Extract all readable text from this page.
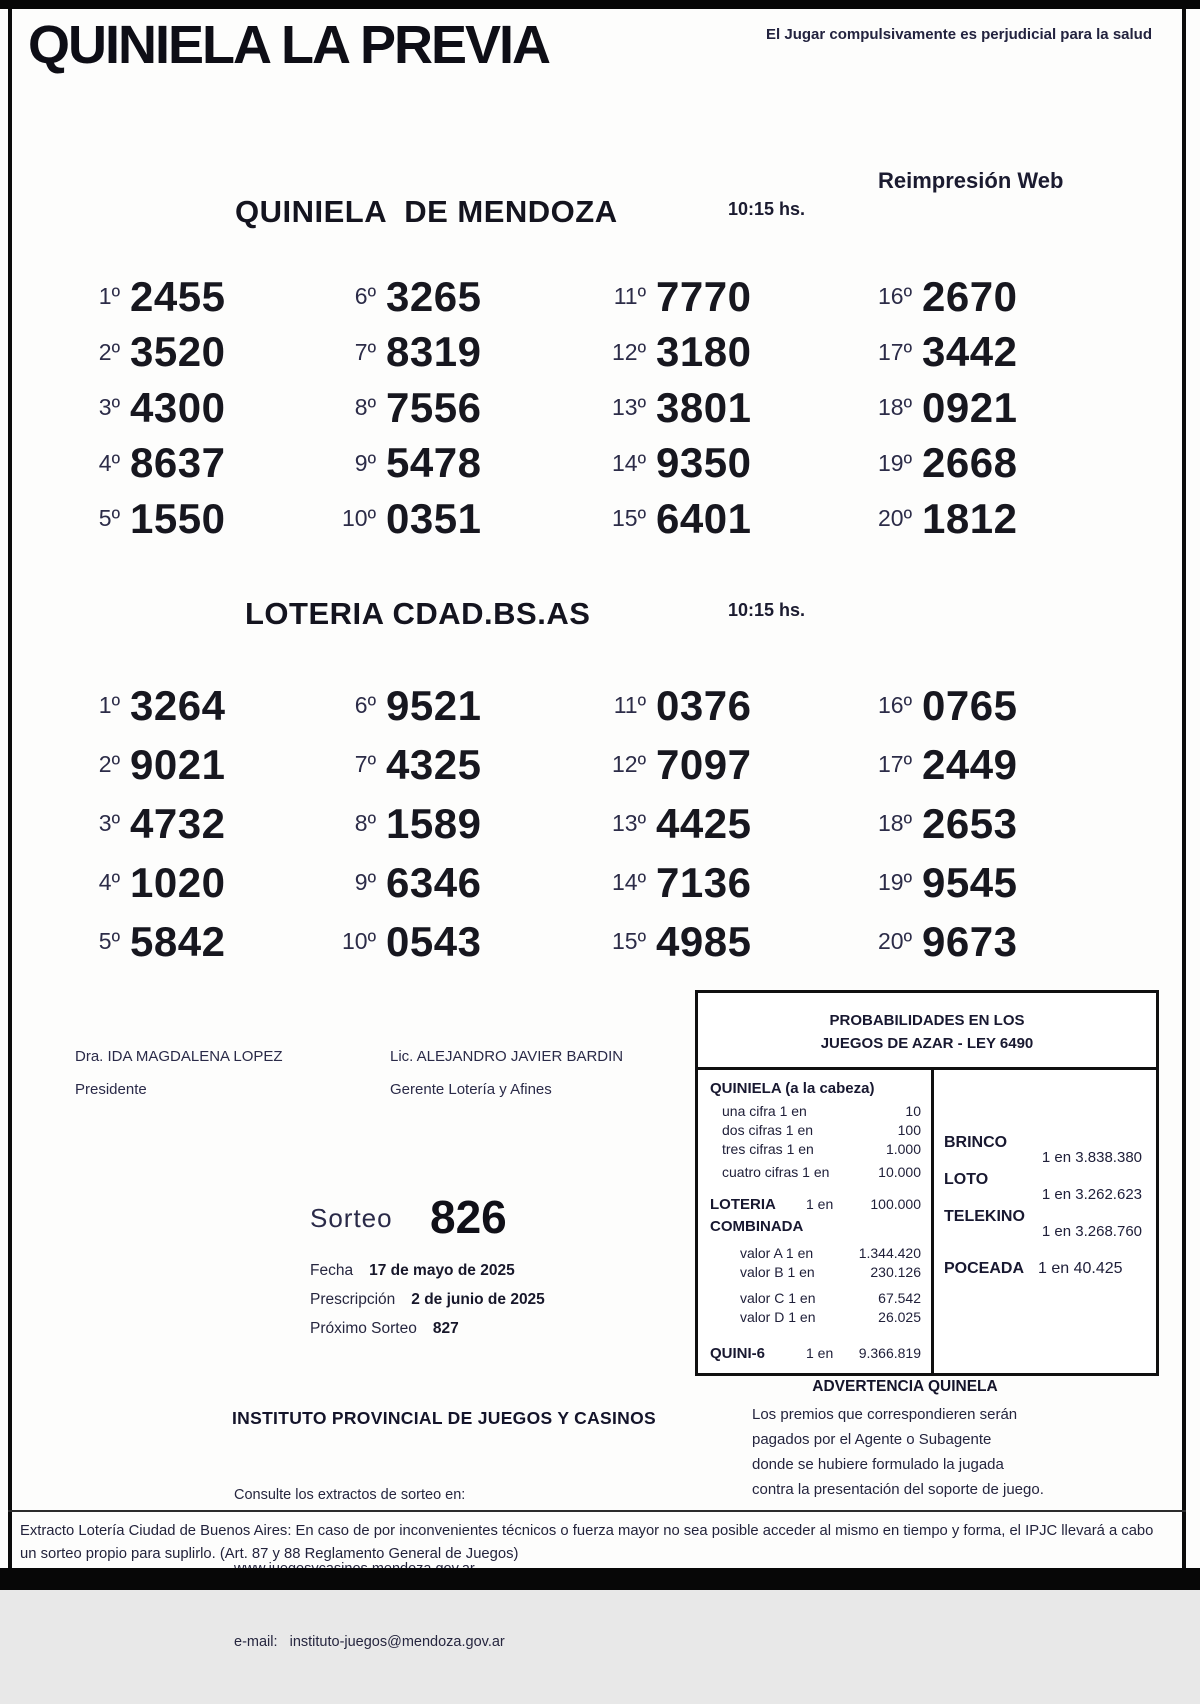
QUINIELA LA PREVIA	El Jugar compulsivamente es perjudicial para la salud
Reimpresión Web
QUINIELA  DE MENDOZA	10:15 hs.
1º 2455	6º 3265	11º 7770	16º 2670
2º 3520	7º 8319	12º 3180	17º 3442
3º 4300	8º 7556	13º 3801	18º 0921
4º 8637	9º 5478	14º 9350	19º 2668
5º 1550	10º 0351	15º 6401	20º 1812
LOTERIA CDAD.BS.AS	10:15 hs.
1º 3264	6º 9521	11º 0376	16º 0765
2º 9021	7º 4325	12º 7097	17º 2449
3º 4732	8º 1589	13º 4425	18º 2653
4º 1020	9º 6346	14º 7136	19º 9545
5º 5842	10º 0543	15º 4985	20º 9673
Dra. IDA MAGDALENA LOPEZ
Presidente
Lic. ALEJANDRO JAVIER BARDIN
Gerente Lotería y Afines
PROBABILIDADES EN LOS
JUEGOS DE AZAR - LEY 6490
QUINIELA (a la cabeza)
una cifra 1 en	10
dos cifras 1 en	100
tres cifras 1 en	1.000
cuatro cifras 1 en	10.000
LOTERIA	1 en	100.000
COMBINADA
valor A 1 en	1.344.420
valor B 1 en	230.126
valor C 1 en	67.542
valor D 1 en	26.025
QUINI-6	1 en	9.366.819
BRINCO
1 en 3.838.380
LOTO
1 en 3.262.623
TELEKINO
1 en 3.268.760
POCEADA 1 en 40.425
Sorteo 826
Fecha 17 de mayo de 2025
Prescripción 2 de junio de 2025
Próximo Sorteo 827
ADVERTENCIA QUINELA
Los premios que correspondieren serán
pagados por el Agente o Subagente
donde se hubiere formulado la jugada
contra la presentación del soporte de juego.
INSTITUTO PROVINCIAL DE JUEGOS Y CASINOS

Consulte los extractos de sorteo en:

e-mail:   instituto-juegos@mendoza.gov.ar

Extracto Lotería Ciudad de Buenos Aires: En caso de por inconvenientes técnicos o fuerza mayor no sea posible acceder al mismo en tiempo y forma, el IPJC llevará a cabo un sorteo propio para suplirlo. (Art. 87 y 88 Reglamento General de Juegos)
